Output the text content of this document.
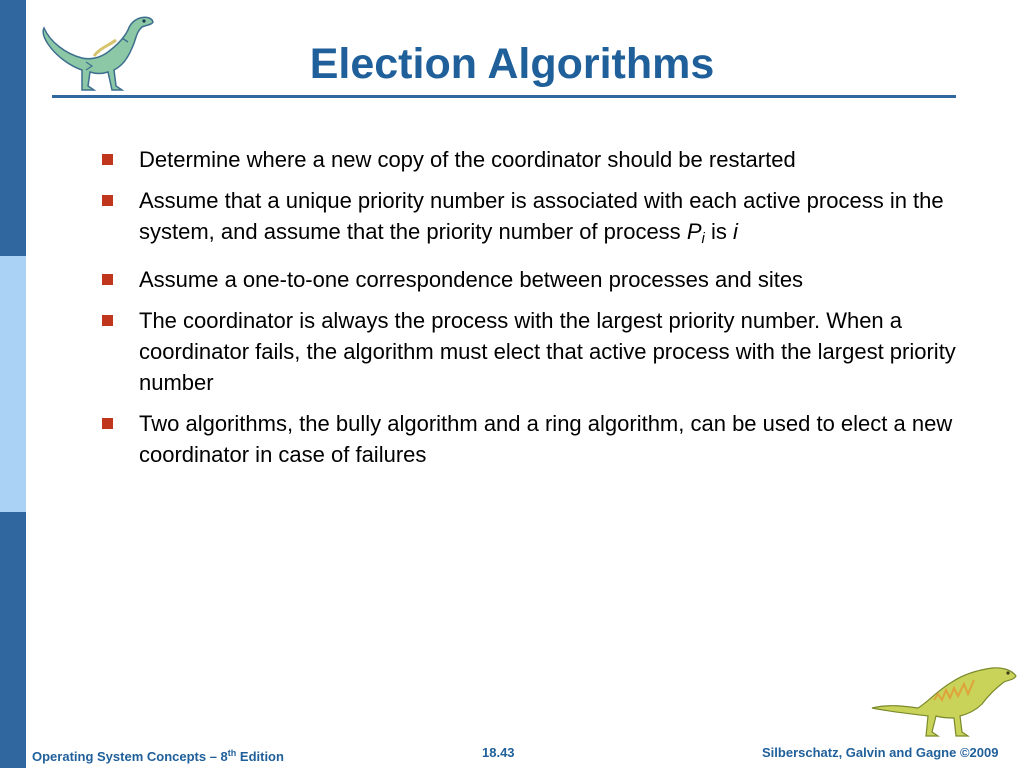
Election Algorithms
Determine where a new copy of the coordinator should be restarted
Assume that a unique priority number is associated with each active process in the system, and assume that the priority number of process $P_i$ is i
Assume a one-to-one correspondence between processes and sites
The coordinator is always the process with the largest priority number. When a coordinator fails, the algorithm must elect that active process with the largest priority number
Two algorithms, the bully algorithm and a ring algorithm, can be used to elect a new coordinator in case of failures
Operating System Concepts – 8th Edition	18.43	Silberschatz, Galvin and Gagne ©2009
